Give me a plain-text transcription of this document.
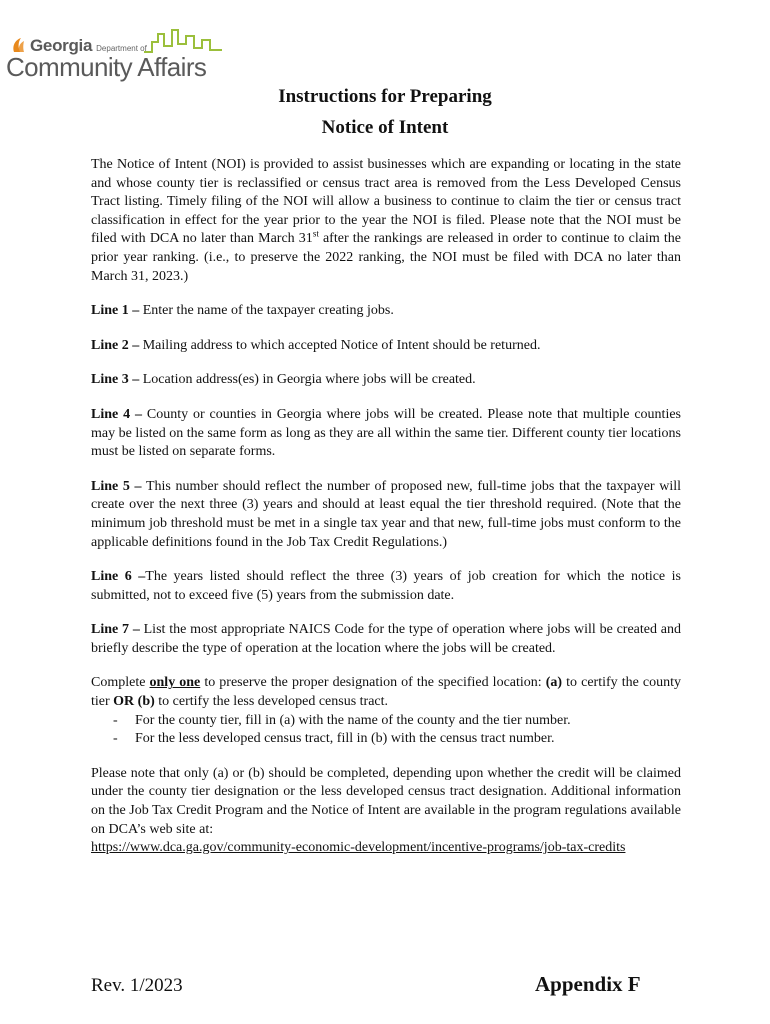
Georgia Department of
Community Affairs
Instructions for Preparing
Notice of Intent

The Notice of Intent (NOI) is provided to assist businesses which are expanding or locating in the state and whose county tier is reclassified or census tract area is removed from the Less Developed Census Tract listing. Timely filing of the NOI will allow a business to continue to claim the tier or census tract classification in effect for the year prior to the year the NOI is filed. Please note that the NOI must be filed with DCA no later than March 31st after the rankings are released in order to continue to claim the prior year ranking. (i.e., to preserve the 2022 ranking, the NOI must be filed with DCA no later than March 31, 2023.)

Line 1 – Enter the name of the taxpayer creating jobs.

Line 2 – Mailing address to which accepted Notice of Intent should be returned.

Line 3 – Location address(es) in Georgia where jobs will be created.

Line 4 – County or counties in Georgia where jobs will be created. Please note that multiple counties may be listed on the same form as long as they are all within the same tier. Different county tier locations must be listed on separate forms.

Line 5 – This number should reflect the number of proposed new, full-time jobs that the taxpayer will create over the next three (3) years and should at least equal the tier threshold required. (Note that the minimum job threshold must be met in a single tax year and that new, full-time jobs must conform to the applicable definitions found in the Job Tax Credit Regulations.)

Line 6 –The years listed should reflect the three (3) years of job creation for which the notice is submitted, not to exceed five (5) years from the submission date.

Line 7 – List the most appropriate NAICS Code for the type of operation where jobs will be created and briefly describe the type of operation at the location where the jobs will be created.

Complete only one to preserve the proper designation of the specified location: (a) to certify the county tier OR (b) to certify the less developed census tract.

-	For the county tier, fill in (a) with the name of the county and the tier number.
-	For the less developed census tract, fill in (b) with the census tract number.

Please note that only (a) or (b) should be completed, depending upon whether the credit will be claimed under the county tier designation or the less developed census tract designation. Additional information on the Job Tax Credit Program and the Notice of Intent are available in the program regulations available on DCA’s web site at:
https://www.dca.ga.gov/community-economic-development/incentive-programs/job-tax-credits

Rev. 1/2023	Appendix F
